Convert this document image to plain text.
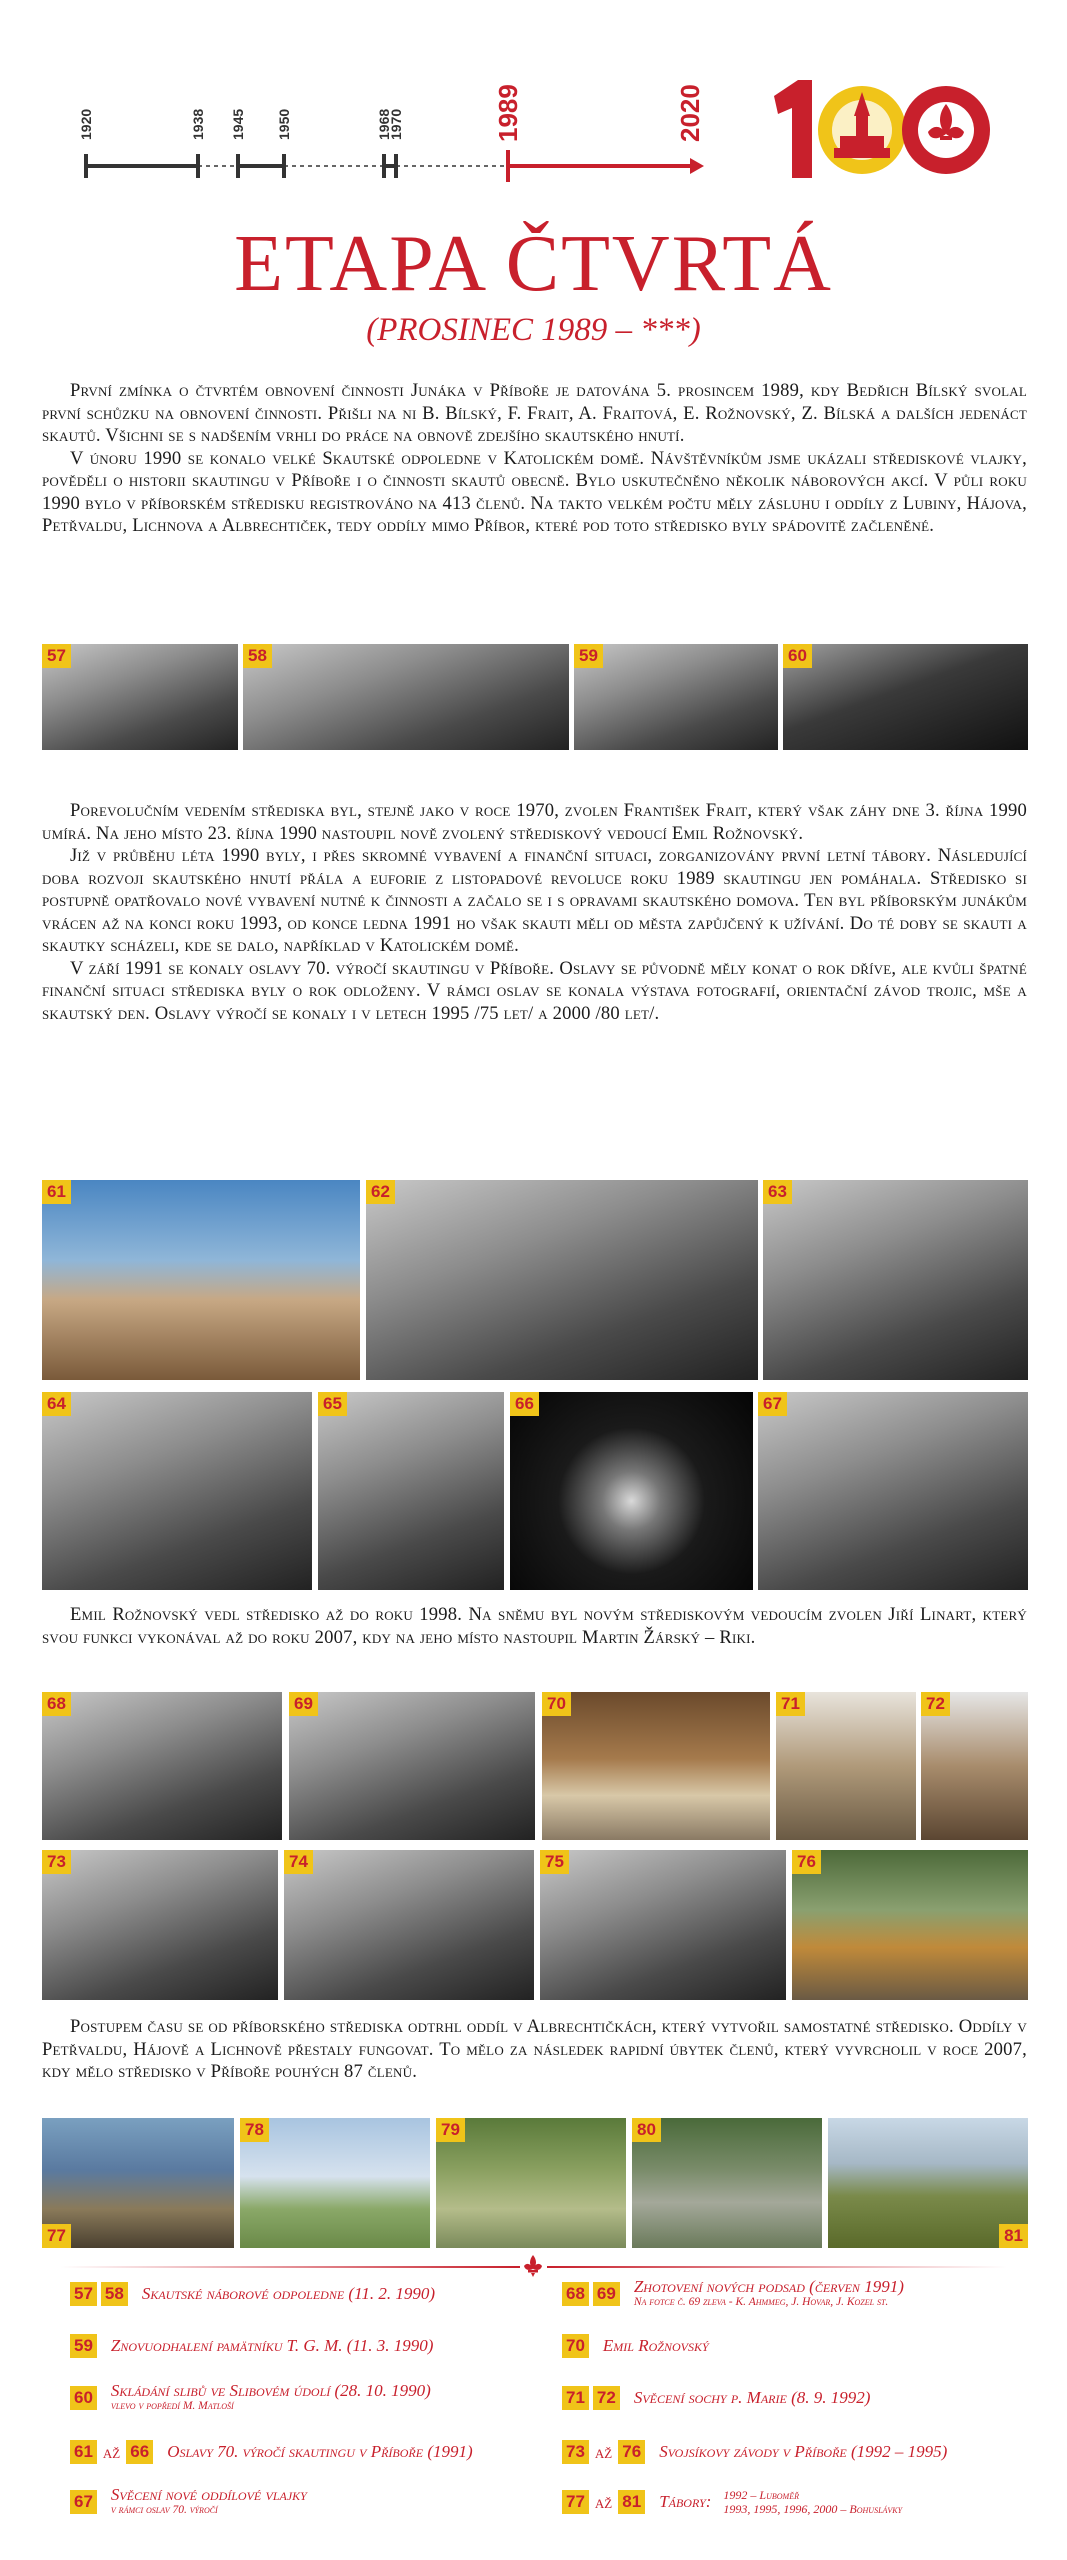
1920	1938 1945 1950	1968
1970	1989	2020
ETAPA ČTVRTÁ
(PROSINEC 1989 – ***)

První zmínka o čtvrtém obnovení činnosti Junáka v Příboře je datována 5. prosincem 1989, kdy Bedřich Bílský svolal první schůzku na obnovení činnosti. Přišli na ni B. Bílský, F. Frait, A. Fraitová, E. Rožnovský, Z. Bílská a dalších jedenáct skautů. Všichni se s nadšením vrhli do práce na obnově zdejšího skautského hnutí.

V únoru 1990 se konalo velké Skautské odpoledne v Katolickém domě. Návštěvníkům jsme ukázali střediskové vlajky, pověděli o historii skautingu v Příboře i o činnosti skautů obecně. Bylo uskutečněno několik náborových akcí. V půli roku 1990 bylo v příborském středisku registrováno na 413 členů. Na takto velkém počtu měly zásluhu i oddíly z Lubiny, Hájova, Petřvaldu, Lichnova a Albrechtiček, tedy oddíly mimo Příbor, které pod toto středisko byly spádovitě začleněné.

57	58	59	60

Porevolučním vedením střediska byl, stejně jako v roce 1970, zvolen František Frait, který však záhy dne 3. října 1990 umírá. Na jeho místo 23. října 1990 nastoupil nově zvolený střediskový vedoucí Emil Rožnovský.

Již v průběhu léta 1990 byly, i přes skromné vybavení a finanční situaci, zorganizovány první letní tábory. Následující doba rozvoji skautského hnutí přála a euforie z listopadové revoluce roku 1989 skautingu jen pomáhala. Středisko si postupně opatřovalo nové vybavení nutné k činnosti a začalo se i s opravami skautského domova. Ten byl příborským junákům vrácen až na konci roku 1993, od konce ledna 1991 ho však skauti měli od města zapůjčený k užívání. Do té doby se skauti a skautky scházeli, kde se dalo, například v Katolickém domě.

V září 1991 se konaly oslavy 70. výročí skautingu v Příboře. Oslavy se původně měly konat o rok dříve, ale kvůli špatné finanční situaci střediska byly o rok odloženy. V rámci oslav se konala výstava fotografií, orientační závod trojic, mše a skautský den. Oslavy výročí se konaly i v letech 1995 /75 let/ a 2000 /80 let/.

61	62	63
64	65	66	67

Emil Rožnovský vedl středisko až do roku 1998. Na sněmu byl novým střediskovým vedoucím zvolen Jiří Linart, který svou funkci vykonával až do roku 2007, kdy na jeho místo nastoupil Martin Žárský – Riki.

68	69	70	71	72
73	74	75	76

Postupem času se od příborského střediska odtrhl oddíl v Albrechtičkách, který vytvořil samostatné středisko. Oddíly v Petřvaldu, Hájově a Lichnově přestaly fungovat. To mělo za následek rapidní úbytek členů, který vyvrcholil v roce 2007, kdy mělo středisko v Příboře pouhých 87 členů.

77
78	79	80
81
57 58 Skautské náborové odpoledne (11. 2. 1990)
59 Znovuodhalení pamätníku T. G. M. (11. 3. 1990)
60 Skládání slibů ve Slibovém údolí (28. 10. 1990)
vlevo v popředí M. Matloší
61 až 66 Oslavy 70. výročí skautingu v Příboře (1991)
67 Svěcení nové oddílové vlajky
v rámci oslav 70. výročí
68 69 Zhotovení nových podsad (červen 1991)
Na fotce č. 69 zleva - K. Ahmmeg, J. Hovar, J. Kozel st.
70 Emil Rožnovský
71 72 Svěcení sochy p. Marie (8. 9. 1992)
73 až 76 Svojsíkovy závody v Příboře (1992 – 1995)
77 až 81 Tábory: 1992 – Luboměř
1993, 1995, 1996, 2000 – Bohuslávky
